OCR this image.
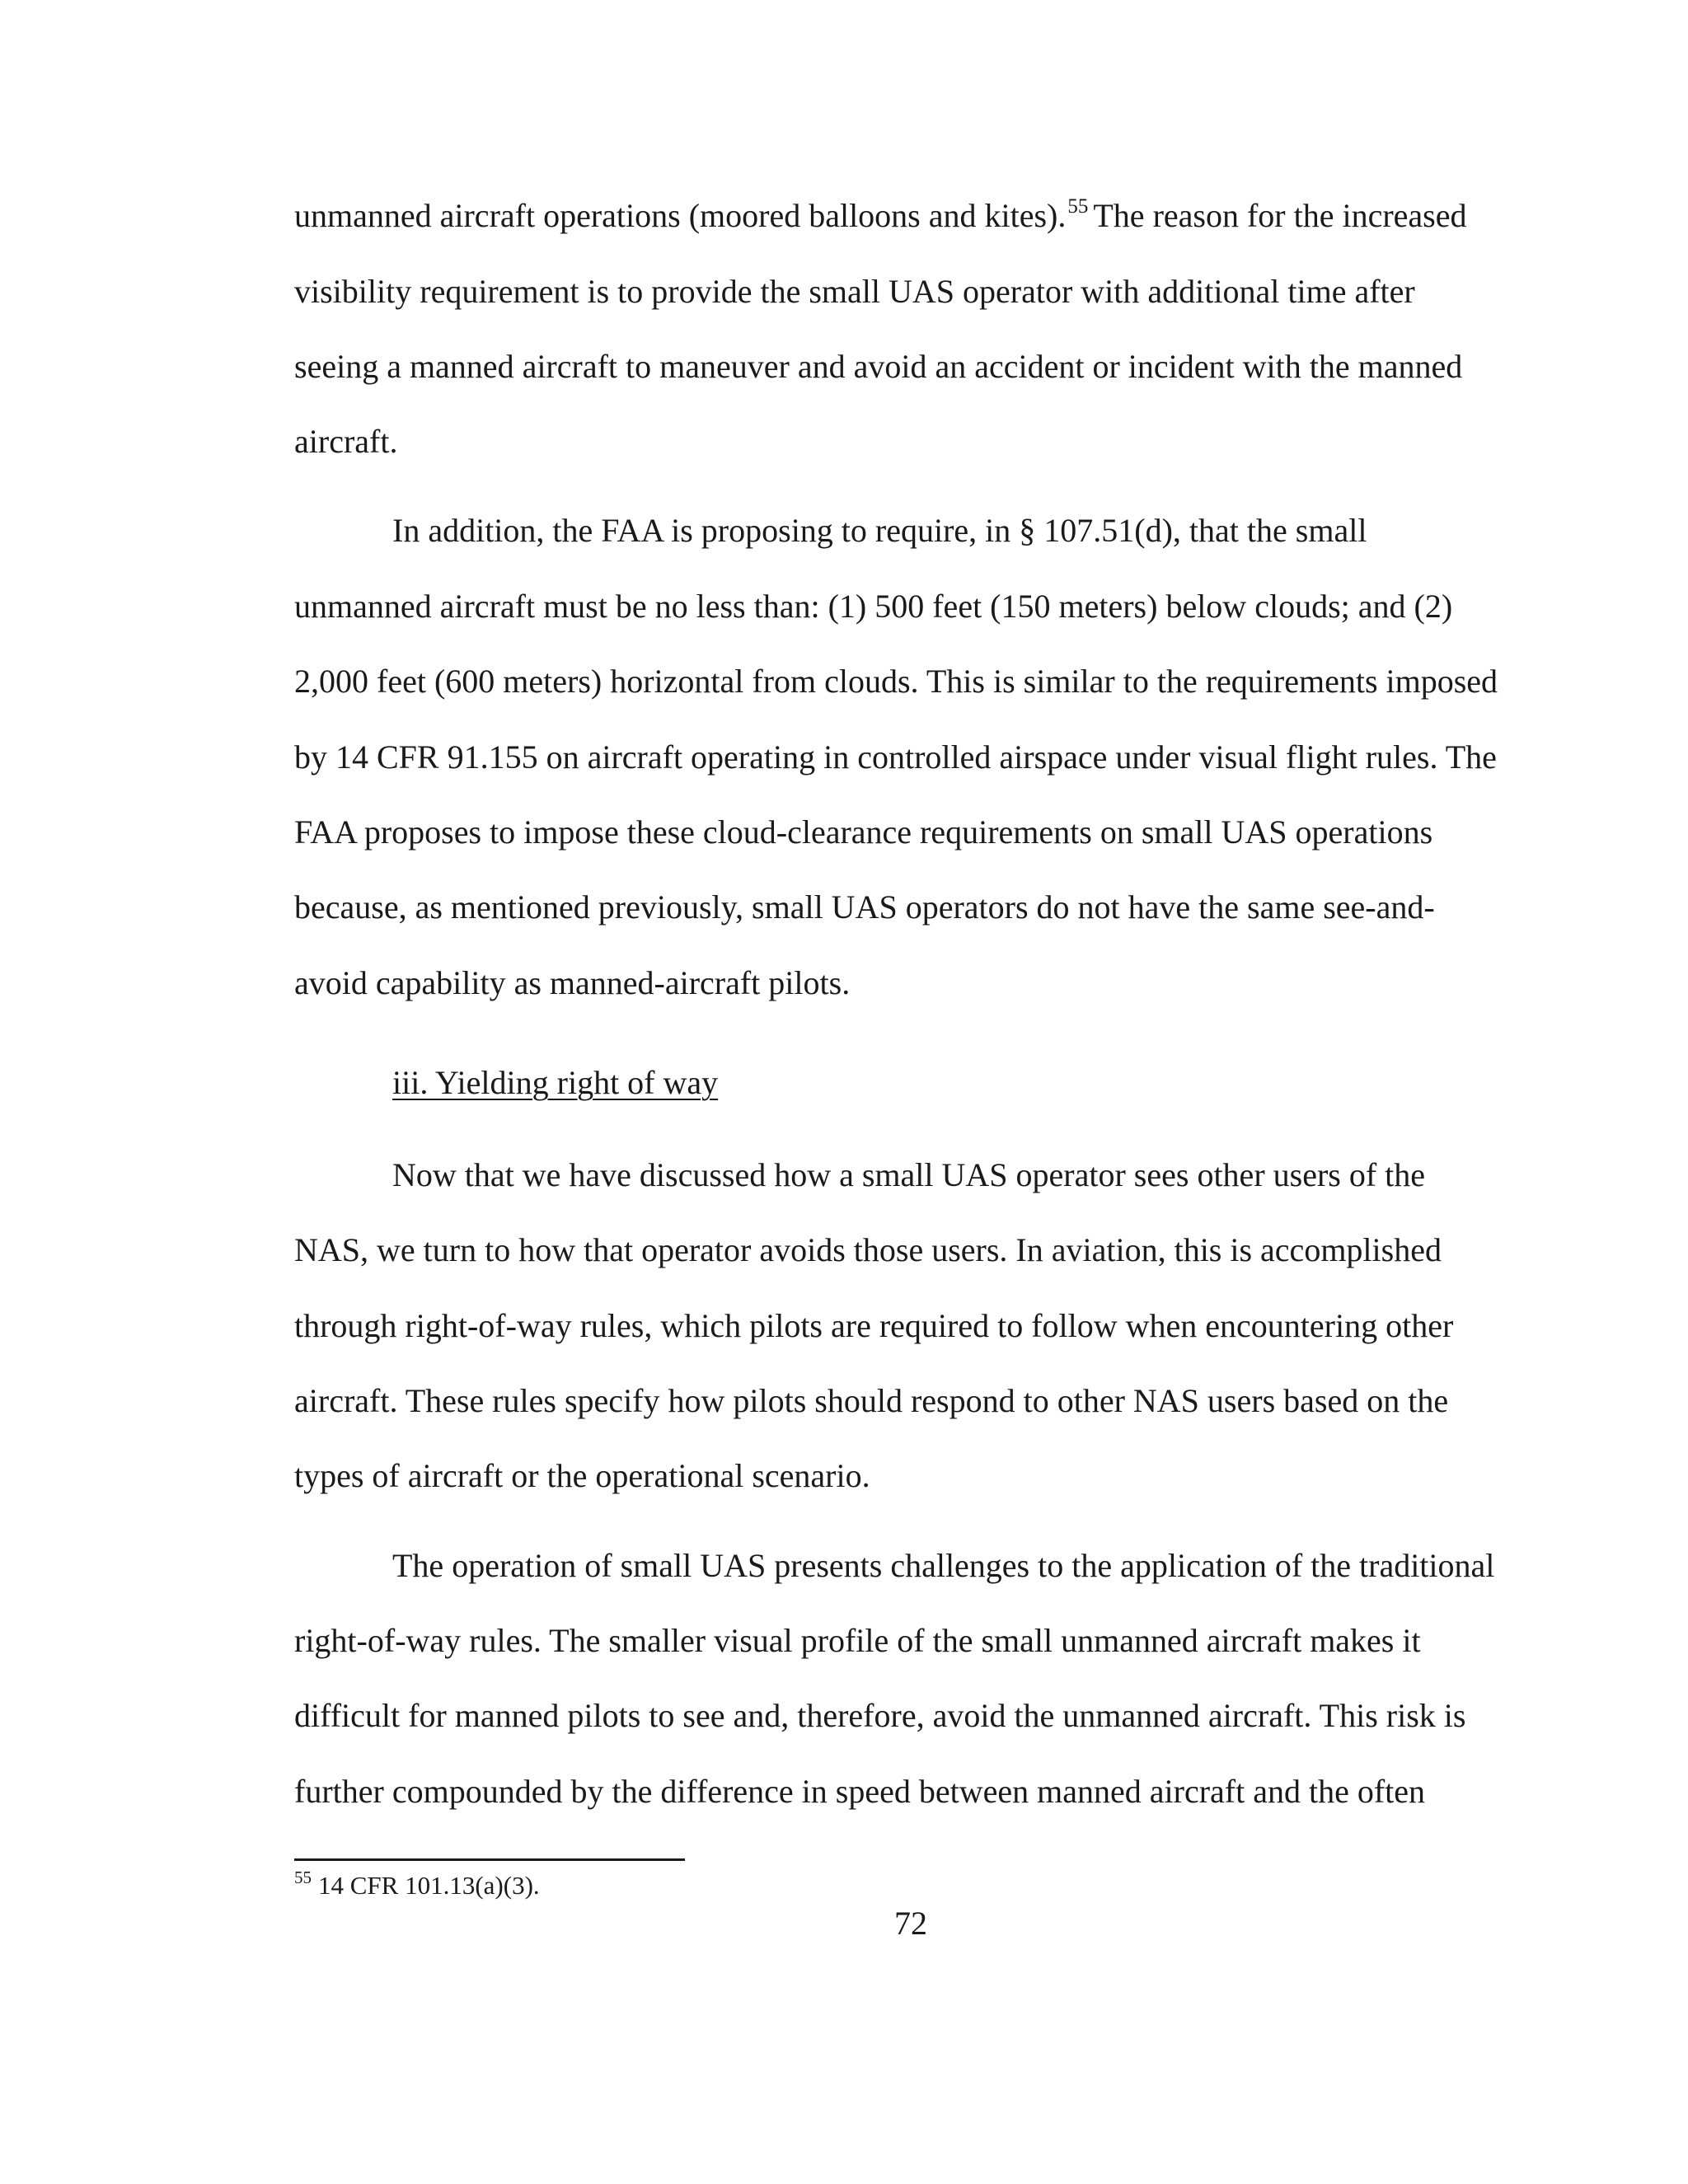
unmanned aircraft operations (moored balloons and kites).$^{55}$ The reason for the increased

visibility requirement is to provide the small UAS operator with additional time after

seeing a manned aircraft to maneuver and avoid an accident or incident with the manned

aircraft.

In addition, the FAA is proposing to require, in § 107.51(d), that the small

unmanned aircraft must be no less than: (1) 500 feet (150 meters) below clouds; and (2)

2,000 feet (600 meters) horizontal from clouds. This is similar to the requirements imposed

by 14 CFR 91.155 on aircraft operating in controlled airspace under visual flight rules. The

FAA proposes to impose these cloud-clearance requirements on small UAS operations

because, as mentioned previously, small UAS operators do not have the same see-and-

avoid capability as manned-aircraft pilots.

iii. Yielding right of way

Now that we have discussed how a small UAS operator sees other users of the

NAS, we turn to how that operator avoids those users. In aviation, this is accomplished

through right-of-way rules, which pilots are required to follow when encountering other

aircraft. These rules specify how pilots should respond to other NAS users based on the

types of aircraft or the operational scenario.

The operation of small UAS presents challenges to the application of the traditional

right-of-way rules. The smaller visual profile of the small unmanned aircraft makes it

difficult for manned pilots to see and, therefore, avoid the unmanned aircraft. This risk is

further compounded by the difference in speed between manned aircraft and the often

$^{55}$ 14 CFR 101.13(a)(3).
72
